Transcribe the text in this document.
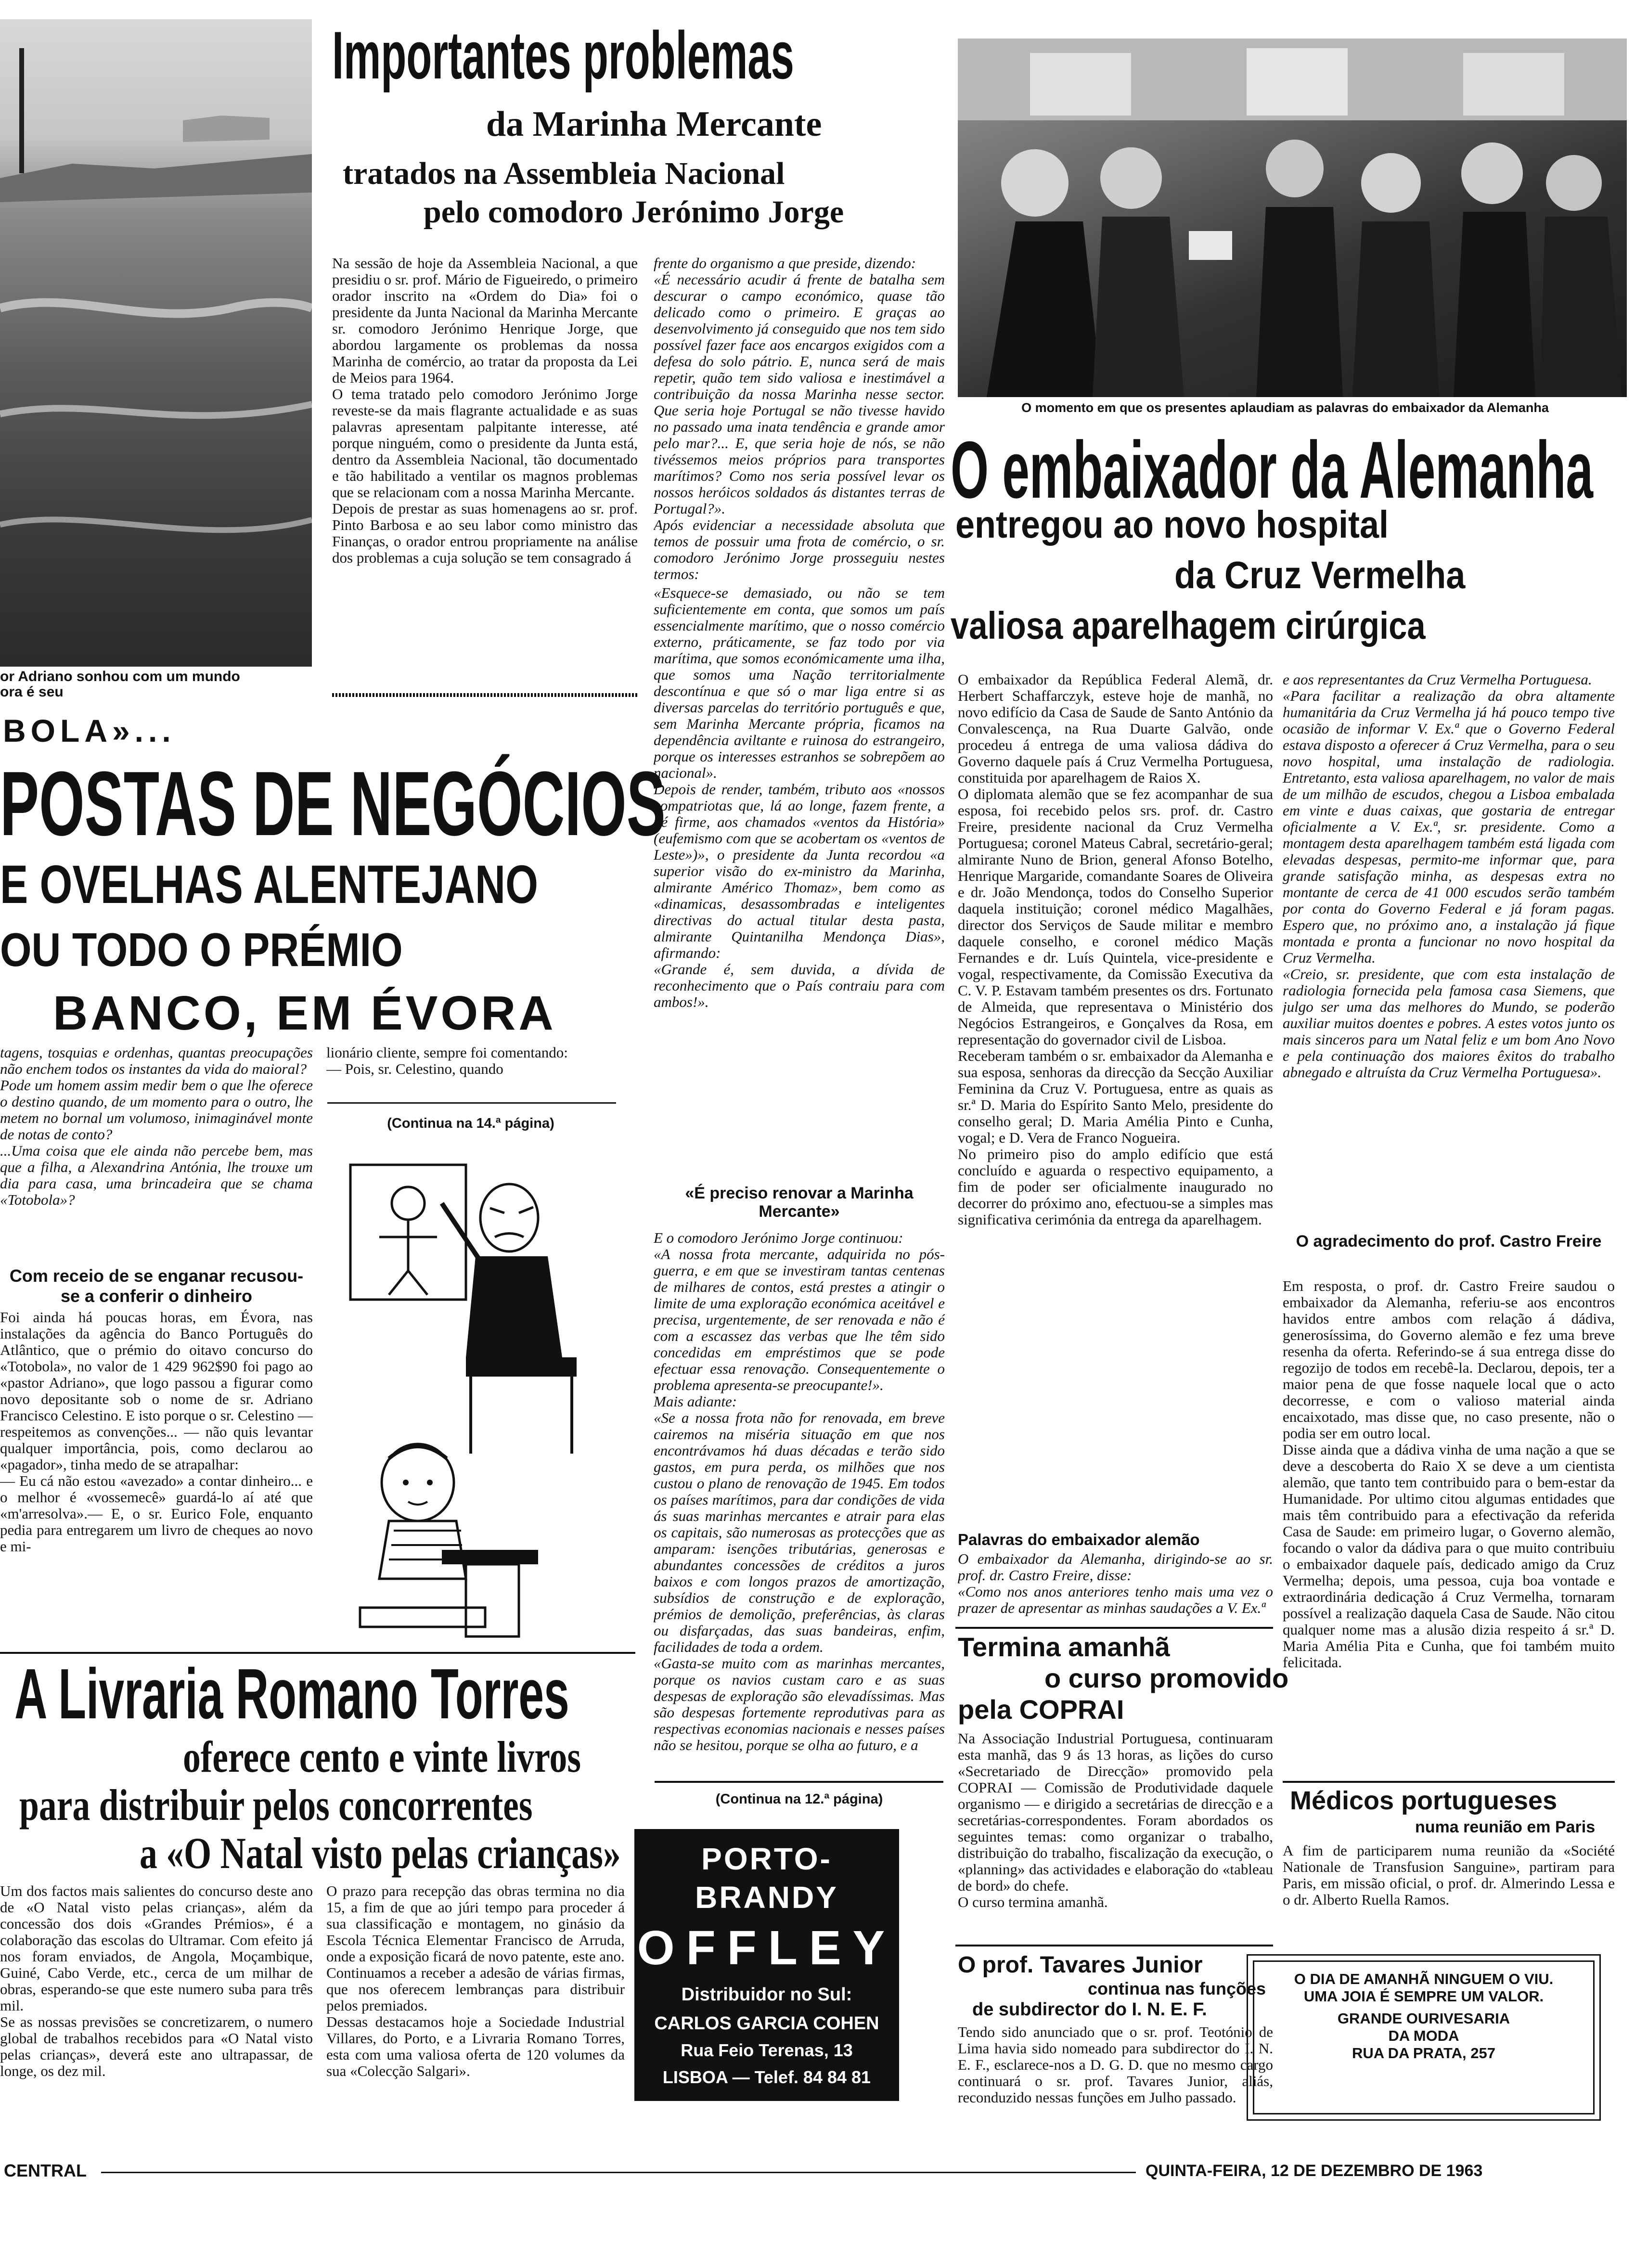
or Adriano sonhou com um mundo
ora é seu
Importantes problemas
da Marinha Mercante
tratados na Assembleia Nacional
pelo comodoro Jerónimo Jorge
Na sessão de hoje da Assembleia Nacional, a que presidiu o sr. prof. Mário de Figueiredo, o primeiro orador inscrito na «Ordem do Dia» foi o presidente da Junta Nacional da Marinha Mercante sr. comodoro Jerónimo Henrique Jorge, que abordou largamente os problemas da nossa Marinha de comércio, ao tratar da proposta da Lei de Meios para 1964.
O tema tratado pelo comodoro Jerónimo Jorge reveste-se da mais flagrante actualidade e as suas palavras apresentam palpitante interesse, até porque ninguém, como o presidente da Junta está, dentro da Assembleia Nacional, tão documentado e tão habilitado a ventilar os magnos problemas que se relacionam com a nossa Marinha Mercante.
Depois de prestar as suas homenagens ao sr. prof. Pinto Barbosa e ao seu labor como ministro das Finanças, o orador entrou propriamente na análise dos problemas a cuja solução se tem consagrado á
frente do organismo a que preside, dizendo:
«É necessário acudir á frente de batalha sem descurar o campo económico, quase tão delicado como o primeiro. E graças ao desenvolvimento já conseguido que nos tem sido possível fazer face aos encargos exigidos com a defesa do solo pátrio. E, nunca será de mais repetir, quão tem sido valiosa e inestimável a contribuição da nossa Marinha nesse sector. Que seria hoje Portugal se não tivesse havido no passado uma inata tendência e grande amor pelo mar?... E, que seria hoje de nós, se não tivéssemos meios próprios para transportes marítimos? Como nos seria possível levar os nossos heróicos soldados ás distantes terras de Portugal?».
Após evidenciar a necessidade absoluta que temos de possuir uma frota de comércio, o sr. comodoro Jerónimo Jorge prosseguiu nestes termos:
«Esquece-se demasiado, ou não se tem suficientemente em conta, que somos um país essencialmente marítimo, que o nosso comércio externo, práticamente, se faz todo por via marítima, que somos económicamente uma ilha, que somos uma Nação territorialmente descontínua e que só o mar liga entre si as diversas parcelas do território português e que, sem Marinha Mercante própria, ficamos na dependência aviltante e ruinosa do estrangeiro, porque os interesses estranhos se sobrepõem ao nacional».
Depois de render, também, tributo aos «nossos compatriotas que, lá ao longe, fazem frente, a pé firme, aos chamados «ventos da História» (eufemismo com que se acobertam os «ventos de Leste»)», o presidente da Junta recordou «a superior visão do ex-ministro da Marinha, almirante Américo Thomaz», bem como as «dinamicas, desassombradas e inteligentes directivas do actual titular desta pasta, almirante Quintanilha Mendonça Dias», afirmando:
«Grande é, sem duvida, a dívida de reconhecimento que o País contraiu para com ambos!».
«É preciso renovar a Marinha Mercante»
E o comodoro Jerónimo Jorge continuou:
«A nossa frota mercante, adquirida no pós-guerra, e em que se investiram tantas centenas de milhares de contos, está prestes a atingir o limite de uma exploração económica aceitável e precisa, urgentemente, de ser renovada e não é com a escassez das verbas que lhe têm sido concedidas em empréstimos que se pode efectuar essa renovação. Consequentemente o problema apresenta-se preocupante!».
Mais adiante:
«Se a nossa frota não for renovada, em breve cairemos na miséria situação em que nos encontrávamos há duas décadas e terão sido gastos, em pura perda, os milhões que nos custou o plano de renovação de 1945. Em todos os países marítimos, para dar condições de vida ás suas marinhas mercantes e atrair para elas os capitais, são numerosas as protecções que as amparam: isenções tributárias, generosas e abundantes concessões de créditos a juros baixos e com longos prazos de amortização, subsídios de construção e de exploração, prémios de demolição, preferências, às claras ou disfarçadas, das suas bandeiras, enfim, facilidades de toda a ordem.
«Gasta-se muito com as marinhas mercantes, porque os navios custam caro e as suas despesas de exploração são elevadíssimas. Mas são despesas fortemente reprodutivas para as respectivas economias nacionais e nesses países não se hesitou, porque se olha ao futuro, e a
(Continua na 12.ª página)
BOLA»...
POSTAS DE NEGÓCIOS
E OVELHAS ALENTEJANO
OU TODO O PRÉMIO
BANCO, EM ÉVORA
tagens, tosquias e ordenhas, quantas preocupações não enchem todos os instantes da vida do maioral?
Pode um homem assim medir bem o que lhe oferece o destino quando, de um momento para o outro, lhe metem no bornal um volumoso, inimaginável monte de notas de conto?
...Uma coisa que ele ainda não percebe bem, mas que a filha, a Alexandrina Antónia, lhe trouxe um dia para casa, uma brincadeira que se chama «Totobola»?
lionário cliente, sempre foi comentando:
— Pois, sr. Celestino, quando
(Continua na 14.ª página)
Com receio de se enganar recusou-se a conferir o dinheiro
Foi ainda há poucas horas, em Évora, nas instalações da agência do Banco Português do Atlântico, que o prémio do oitavo concurso do «Totobola», no valor de 1 429 962$90 foi pago ao «pastor Adriano», que logo passou a figurar como novo depositante sob o nome de sr. Adriano Francisco Celestino. E isto porque o sr. Celestino — respeitemos as convenções... — não quis levantar qualquer importância, pois, como declarou ao «pagador», tinha medo de se atrapalhar:
— Eu cá não estou «avezado» a contar dinheiro... e o melhor é «vossemecê» guardá-lo aí até que «m'arresolva».— E, o sr. Eurico Fole, enquanto pedia para entregarem um livro de cheques ao novo e mi-
A Livraria Romano Torres
oferece cento e vinte livros
para distribuir pelos concorrentes
a «O Natal visto pelas crianças»
Um dos factos mais salientes do concurso deste ano de «O Natal visto pelas crianças», além da concessão dos dois «Grandes Prémios», é a colaboração das escolas do Ultramar. Com efeito já nos foram enviados, de Angola, Moçambique, Guiné, Cabo Verde, etc., cerca de um milhar de obras, esperando-se que este numero suba para três mil.
Se as nossas previsões se concretizarem, o numero global de trabalhos recebidos para «O Natal visto pelas crianças», deverá este ano ultrapassar, de longe, os dez mil.
O prazo para recepção das obras termina no dia 15, a fim de que ao júri tempo para proceder á sua classificação e montagem, no ginásio da Escola Técnica Elementar Francisco de Arruda, onde a exposição ficará de novo patente, este ano.
Continuamos a receber a adesão de várias firmas, que nos oferecem lembranças para distribuir pelos premiados.
Dessas destacamos hoje a Sociedade Industrial Villares, do Porto, e a Livraria Romano Torres, esta com uma valiosa oferta de 120 volumes da sua «Colecção Salgari».
PORTO-BRANDY
OFFLEY
Distribuidor no Sul:
CARLOS GARCIA COHEN
Rua Feio Terenas, 13
LISBOA — Telef. 84 84 81
O momento em que os presentes aplaudiam as palavras do embaixador da Alemanha
O embaixador da Alemanha
entregou ao novo hospital
da Cruz Vermelha
valiosa aparelhagem cirúrgica
O embaixador da República Federal Alemã, dr. Herbert Schaffarczyk, esteve hoje de manhã, no novo edifício da Casa de Saude de Santo António da Convalescença, na Rua Duarte Galvão, onde procedeu á entrega de uma valiosa dádiva do Governo daquele país á Cruz Vermelha Portuguesa, constituida por aparelhagem de Raios X.
O diplomata alemão que se fez acompanhar de sua esposa, foi recebido pelos srs. prof. dr. Castro Freire, presidente nacional da Cruz Vermelha Portuguesa; coronel Mateus Cabral, secretário-geral; almirante Nuno de Brion, general Afonso Botelho, Henrique Margaride, comandante Soares de Oliveira e dr. João Mendonça, todos do Conselho Superior daquela instituição; coronel médico Magalhães, director dos Serviços de Saude militar e membro daquele conselho, e coronel médico Maçãs Fernandes e dr. Luís Quintela, vice-presidente e vogal, respectivamente, da Comissão Executiva da C. V. P. Estavam também presentes os drs. Fortunato de Almeida, que representava o Ministério dos Negócios Estrangeiros, e Gonçalves da Rosa, em representação do governador civil de Lisboa.
Receberam também o sr. embaixador da Alemanha e sua esposa, senhoras da direcção da Secção Auxiliar Feminina da Cruz V. Portuguesa, entre as quais as sr.ª D. Maria do Espírito Santo Melo, presidente do conselho geral; D. Maria Amélia Pinto e Cunha, vogal; e D. Vera de Franco Nogueira.
No primeiro piso do amplo edifício que está concluído e aguarda o respectivo equipamento, a fim de poder ser oficialmente inaugurado no decorrer do próximo ano, efectuou-se a simples mas significativa cerimónia da entrega da aparelhagem.
Palavras do embaixador alemão
O embaixador da Alemanha, dirigindo-se ao sr. prof. dr. Castro Freire, disse:
«Como nos anos anteriores tenho mais uma vez o prazer de apresentar as minhas saudações a V. Ex.ª
e aos representantes da Cruz Vermelha Portuguesa.
«Para facilitar a realização da obra altamente humanitária da Cruz Vermelha já há pouco tempo tive ocasião de informar V. Ex.ª que o Governo Federal estava disposto a oferecer á Cruz Vermelha, para o seu novo hospital, uma instalação de radiologia. Entretanto, esta valiosa aparelhagem, no valor de mais de um milhão de escudos, chegou a Lisboa embalada em vinte e duas caixas, que gostaria de entregar oficialmente a V. Ex.ª, sr. presidente. Como a montagem desta aparelhagem também está ligada com elevadas despesas, permito-me informar que, para grande satisfação minha, as despesas extra no montante de cerca de 41 000 escudos serão também por conta do Governo Federal e já foram pagas. Espero que, no próximo ano, a instalação já fique montada e pronta a funcionar no novo hospital da Cruz Vermelha.
«Creio, sr. presidente, que com esta instalação de radiologia fornecida pela famosa casa Siemens, que julgo ser uma das melhores do Mundo, se poderão auxiliar muitos doentes e pobres. A estes votos junto os mais sinceros para um Natal feliz e um bom Ano Novo e pela continuação dos maiores êxitos do trabalho abnegado e altruísta da Cruz Vermelha Portuguesa».
O agradecimento do prof. Castro Freire
Em resposta, o prof. dr. Castro Freire saudou o embaixador da Alemanha, referiu-se aos encontros havidos entre ambos com relação á dádiva, generosíssima, do Governo alemão e fez uma breve resenha da oferta. Referindo-se á sua entrega disse do regozijo de todos em recebê-la. Declarou, depois, ter a maior pena de que fosse naquele local que o acto decorresse, e com o valioso material ainda encaixotado, mas disse que, no caso presente, não o podia ser em outro local.
Disse ainda que a dádiva vinha de uma nação a que se deve a descoberta do Raio X se deve a um cientista alemão, que tanto tem contribuido para o bem-estar da Humanidade. Por ultimo citou algumas entidades que mais têm contribuido para a efectivação da referida Casa de Saude: em primeiro lugar, o Governo alemão, focando o valor da dádiva para o que muito contribuiu o embaixador daquele país, dedicado amigo da Cruz Vermelha; depois, uma pessoa, cuja boa vontade e extraordinária dedicação á Cruz Vermelha, tornaram possível a realização daquela Casa de Saude. Não citou qualquer nome mas a alusão dizia respeito á sr.ª D. Maria Amélia Pita e Cunha, que foi também muito felicitada.
Termina amanhã
o curso promovido
pela COPRAI
Na Associação Industrial Portuguesa, continuaram esta manhã, das 9 ás 13 horas, as lições do curso «Secretariado de Direcção» promovido pela COPRAI — Comissão de Produtividade daquele organismo — e dirigido a secretárias de direcção e a secretárias-correspondentes. Foram abordados os seguintes temas: como organizar o trabalho, distribuição do trabalho, fiscalização da execução, o «planning» das actividades e elaboração do «tableau de bord» do chefe.
O curso termina amanhã.
O prof. Tavares Junior
continua nas funções
de subdirector do I. N. E. F.
Tendo sido anunciado que o sr. prof. Teotónio de Lima havia sido nomeado para subdirector do I. N. E. F., esclarece-nos a D. G. D. que no mesmo cargo continuará o sr. prof. Tavares Junior, aliás, reconduzido nessas funções em Julho passado.
Médicos portugueses
numa reunião em Paris
A fim de participarem numa reunião da «Société Nationale de Transfusion Sanguine», partiram para Paris, em missão oficial, o prof. dr. Almerindo Lessa e o dr. Alberto Ruella Ramos.
O DIA DE AMANHÃ NINGUEM O VIU.
UMA JOIA É SEMPRE UM VALOR.
GRANDE OURIVESARIA
DA MODA
RUA DA PRATA, 257
CENTRAL	QUINTA-FEIRA, 12 DE DEZEMBRO DE 1963
